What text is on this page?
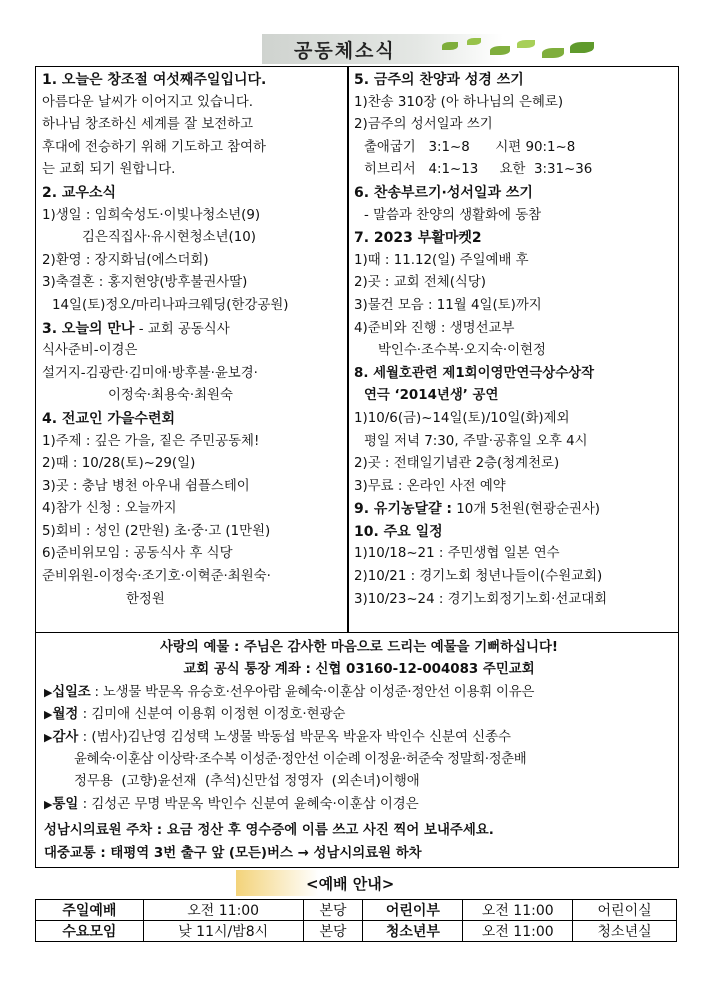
공동체소식
1. 오늘은 창조절 여섯째주일입니다.
아름다운 날씨가 이어지고 있습니다.
하나님 창조하신 세계를 잘 보전하고
후대에 전승하기 위해 기도하고 참여하
는 교회 되기 원합니다.
2. 교우소식
1)생일 : 임희숙성도·이빛나청소년(9)
김은직집사·유시현청소년(10)
2)환영 : 장지화님(에스더회)
3)축결혼 : 홍지현양(방후불권사딸)
14일(토)정오/마리나파크웨딩(한강공원)
3. 오늘의 만나 - 교회 공동식사
식사준비-이경은
설거지-김광란·김미애·방후불·윤보경·
이정숙·최용숙·최원숙
4. 전교인 가을수련회
1)주제 : 깊은 가을, 짙은 주민공동체!
2)때 : 10/28(토)~29(일)
3)곳 : 충남 병천 아우내 쉼플스테이
4)참가 신청 : 오늘까지
5)회비 : 성인 (2만원) 초·중·고 (1만원)
6)준비위모임 : 공동식사 후 식당
준비위원-이정숙·조기호·이혁준·최원숙·
한정원
5. 금주의 찬양과 성경 쓰기
1)찬송 310장 (아 하나님의 은혜로)
2)금주의 성서일과 쓰기
출애굽기   3:1~8      시편 90:1~8
히브리서   4:1~13     요한  3:31~36
6. 찬송부르기·성서일과 쓰기
- 말씀과 찬양의 생활화에 동참
7. 2023 부활마켓2
1)때 : 11.12(일) 주일예배 후
2)곳 : 교회 전체(식당)
3)물건 모음 : 11월 4일(토)까지
4)준비와 진행 : 생명선교부
박인수·조수복·오지숙·이현정
8. 세월호관련 제1회이영만연극상수상작
연극 ‘2014년생’ 공연
1)10/6(금)~14일(토)/10일(화)제외
평일 저녁 7:30, 주말·공휴일 오후 4시
2)곳 : 전태일기념관 2층(청계천로)
3)무료 : 온라인 사전 예약
9. 유기농달걀 : 10개 5천원(현광순권사)
10. 주요 일정
1)10/18~21 : 주민생협 일본 연수
2)10/21 : 경기노회 청년나들이(수원교회)
3)10/23~24 : 경기노회정기노회·선교대회
사랑의 예물 : 주님은 감사한 마음으로 드리는 예물을 기뻐하십니다!
교회 공식 통장 계좌 : 신협 03160-12-004083 주민교회
▶십일조 : 노생물 박문옥 유승호·선우아람 윤혜숙·이훈삼 이성준·정안선 이용휘 이유은
▶월정 : 김미애 신분여 이용휘 이정현 이정호·현광순
▶감사 : (범사)김난영 김성택 노생물 박동섭 박문옥 박윤자 박인수 신분여 신종수
윤혜숙·이훈삼 이상락·조수복 이성준·정안선 이순례 이정윤·허준숙 정말희·정춘배
정무용  (고향)윤선재  (추석)신만섭 정영자  (외손녀)이행애
▶통일 : 김성곤 무명 박문옥 박인수 신분여 윤혜숙·이훈삼 이경은
성남시의료원 주차 : 요금 정산 후 영수증에 이름 쓰고 사진 찍어 보내주세요.
대중교통 : 태평역 3번 출구 앞 (모든)버스 → 성남시의료원 하차
<예배 안내>
주일예배	오전 11:00	본당	어린이부	오전 11:00	어린이실
수요모임	낮 11시/밤8시	본당	청소년부	오전 11:00	청소년실
